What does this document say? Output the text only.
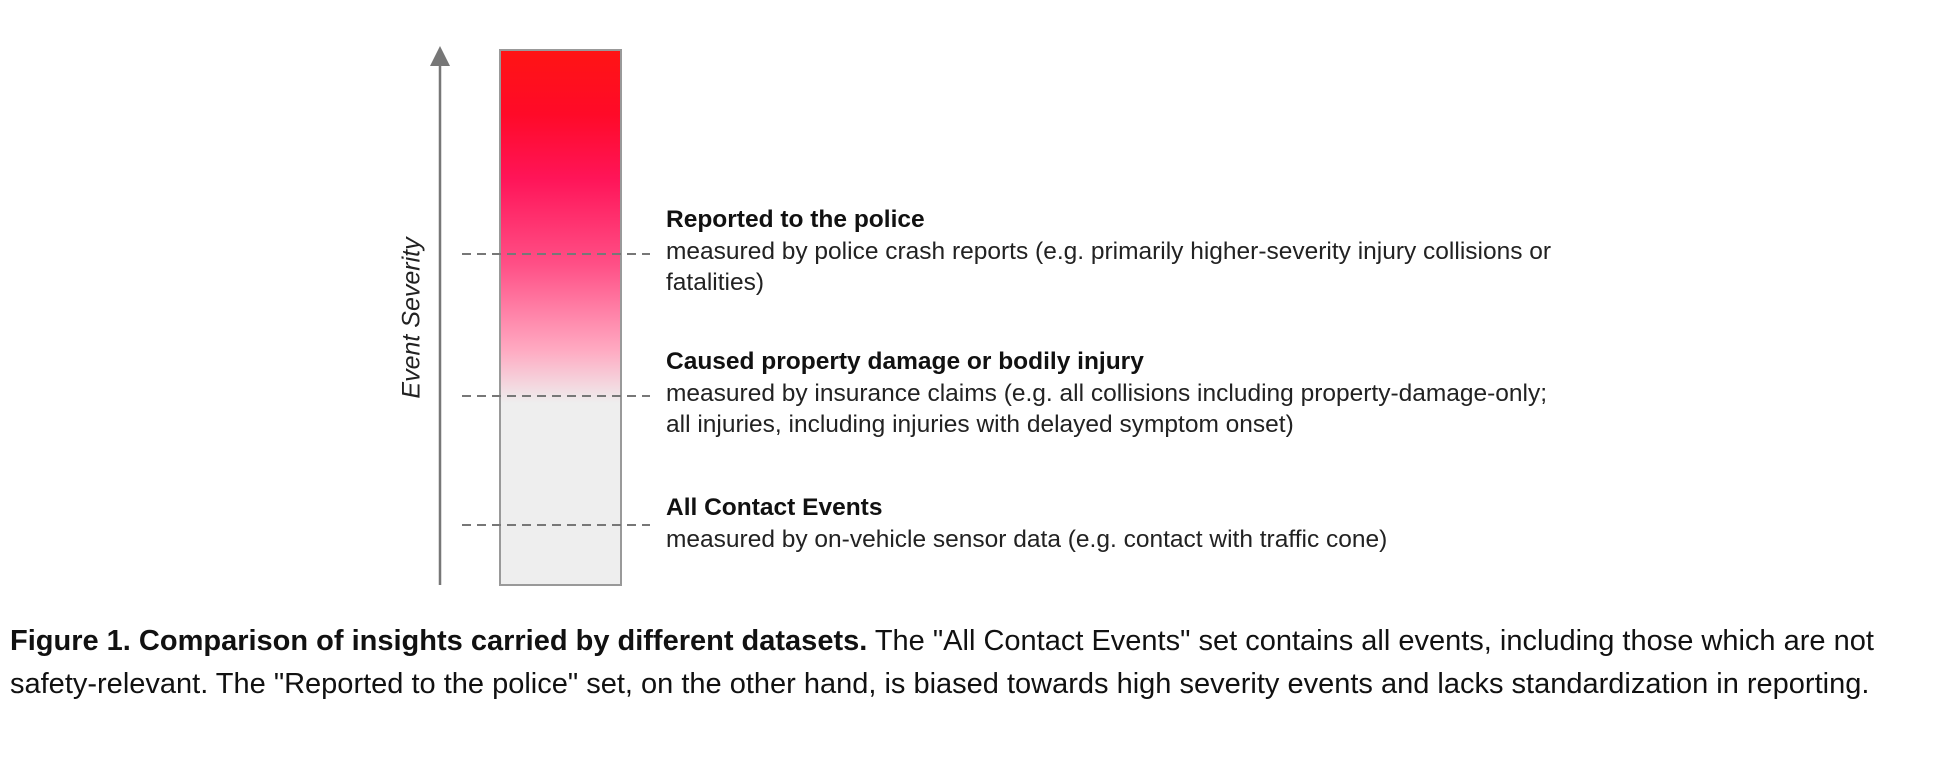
Event Severity
Reported to the police
measured by police crash reports (e.g. primarily higher-severity injury collisions or fatalities)
Caused property damage or bodily injury
measured by insurance claims (e.g. all collisions including property-damage-only; all injuries, including injuries with delayed symptom onset)
All Contact Events
measured by on-vehicle sensor data (e.g. contact with traffic cone)
Figure 1. Comparison of insights carried by different datasets. The "All Contact Events" set contains all events, including those which are not safety-relevant. The "Reported to the police" set, on the other hand, is biased towards high severity events and lacks standardization in reporting.
